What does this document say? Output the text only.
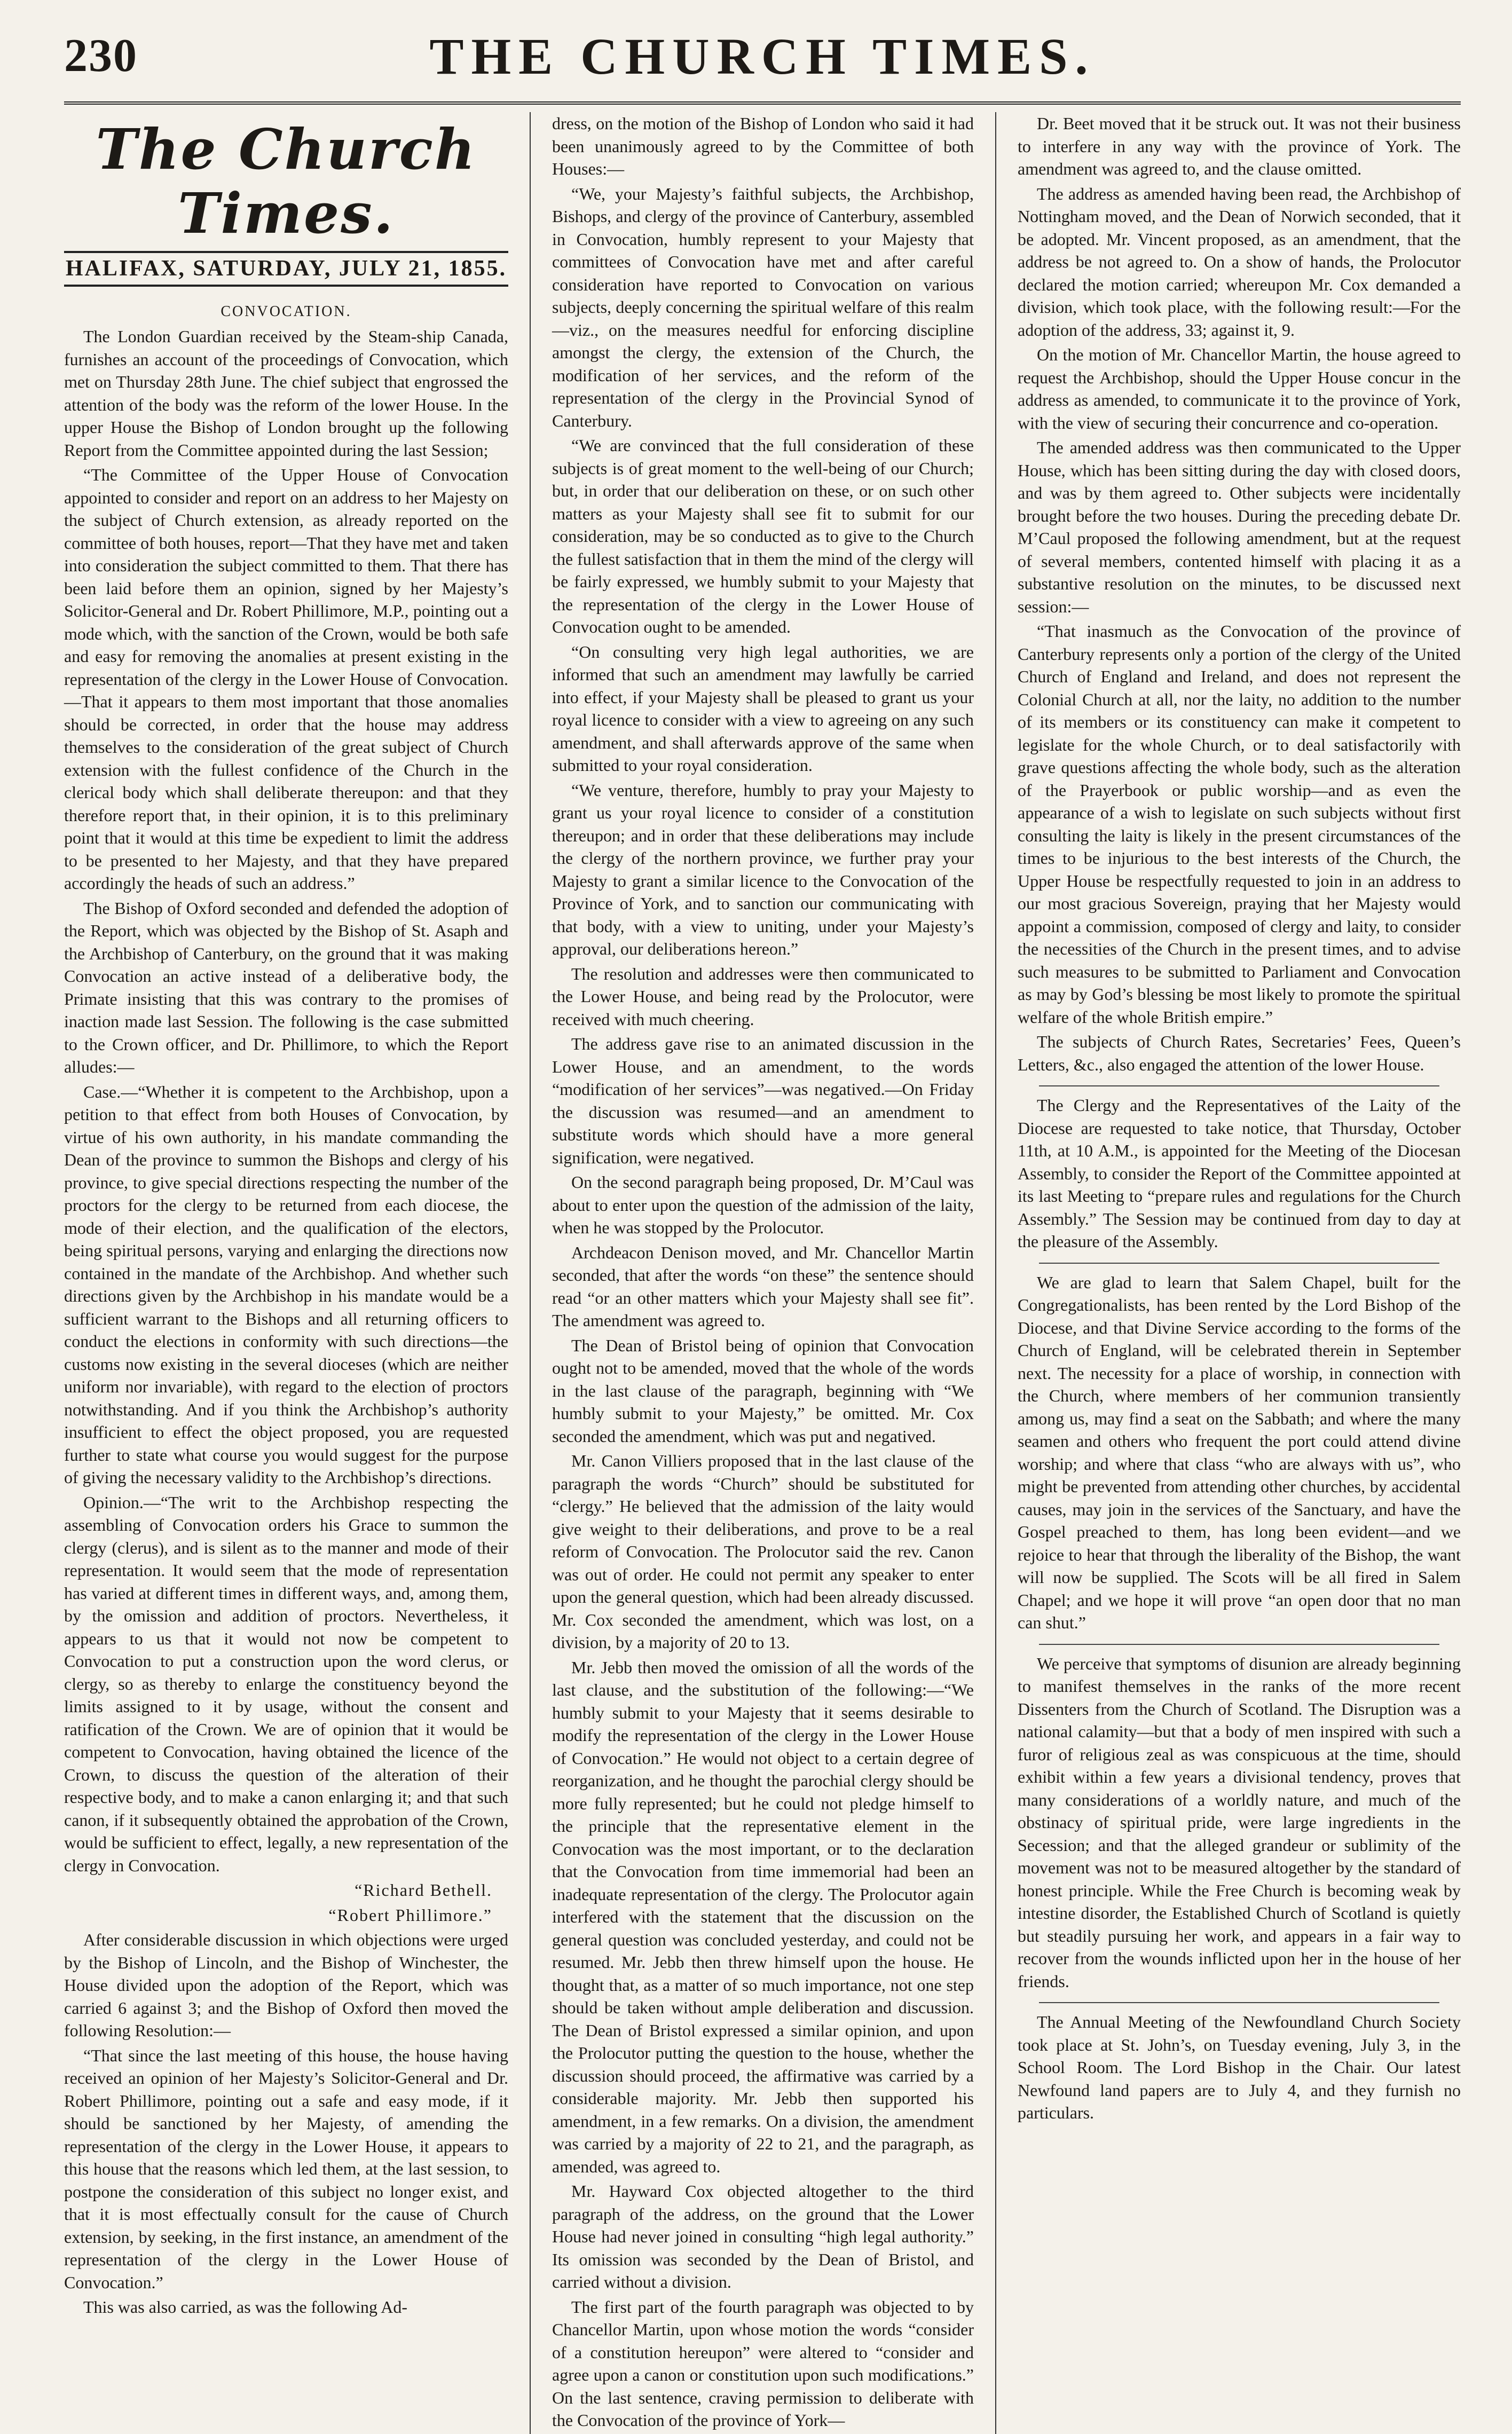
230	THE CHURCH TIMES.
The Church Times.
HALIFAX, SATURDAY, JULY 21, 1855.

CONVOCATION.

The London Guardian received by the Steam-ship Canada, furnishes an account of the proceedings of Convocation, which met on Thursday 28th June. The chief subject that engrossed the attention of the body was the reform of the lower House. In the upper House the Bishop of London brought up the following Report from the Committee appointed during the last Session;

“The Committee of the Upper House of Convocation appointed to consider and report on an address to her Majesty on the subject of Church extension, as already reported on the committee of both houses, report—That they have met and taken into consideration the subject committed to them. That there has been laid before them an opinion, signed by her Majesty’s Solicitor-General and Dr. Robert Phillimore, M.P., pointing out a mode which, with the sanction of the Crown, would be both safe and easy for removing the anomalies at present existing in the representation of the clergy in the Lower House of Convocation.—That it appears to them most important that those anomalies should be corrected, in order that the house may address themselves to the consideration of the great subject of Church extension with the fullest confidence of the Church in the clerical body which shall deliberate thereupon: and that they therefore report that, in their opinion, it is to this preliminary point that it would at this time be expedient to limit the address to be presented to her Majesty, and that they have prepared accordingly the heads of such an address.”

The Bishop of Oxford seconded and defended the adoption of the Report, which was objected by the Bishop of St. Asaph and the Archbishop of Canterbury, on the ground that it was making Convocation an active instead of a deliberative body, the Primate insisting that this was contrary to the promises of inaction made last Session. The following is the case submitted to the Crown officer, and Dr. Phillimore, to which the Report alludes:—

Case.—“Whether it is competent to the Archbishop, upon a petition to that effect from both Houses of Convocation, by virtue of his own authority, in his mandate commanding the Dean of the province to summon the Bishops and clergy of his province, to give special directions respecting the number of the proctors for the clergy to be returned from each diocese, the mode of their election, and the qualification of the electors, being spiritual persons, varying and enlarging the directions now contained in the mandate of the Archbishop. And whether such directions given by the Archbishop in his mandate would be a sufficient warrant to the Bishops and all returning officers to conduct the elections in conformity with such directions—the customs now existing in the several dioceses (which are neither uniform nor invariable), with regard to the election of proctors notwithstanding. And if you think the Archbishop’s authority insufficient to effect the object proposed, you are requested further to state what course you would suggest for the purpose of giving the necessary validity to the Archbishop’s directions.

Opinion.—“The writ to the Archbishop respecting the assembling of Convocation orders his Grace to summon the clergy (clerus), and is silent as to the manner and mode of their representation. It would seem that the mode of representation has varied at different times in different ways, and, among them, by the omission and addition of proctors. Nevertheless, it appears to us that it would not now be competent to Convocation to put a construction upon the word clerus, or clergy, so as thereby to enlarge the constituency beyond the limits assigned to it by usage, without the consent and ratification of the Crown. We are of opinion that it would be competent to Convocation, having obtained the licence of the Crown, to discuss the question of the alteration of their respective body, and to make a canon enlarging it; and that such canon, if it subsequently obtained the approbation of the Crown, would be sufficient to effect, legally, a new representation of the clergy in Convocation.

“Richard Bethell.

“Robert Phillimore.”

After considerable discussion in which objections were urged by the Bishop of Lincoln, and the Bishop of Winchester, the House divided upon the adoption of the Report, which was carried 6 against 3; and the Bishop of Oxford then moved the following Resolution:—

“That since the last meeting of this house, the house having received an opinion of her Majesty’s Solicitor-General and Dr. Robert Phillimore, pointing out a safe and easy mode, if it should be sanctioned by her Majesty, of amending the representation of the clergy in the Lower House, it appears to this house that the reasons which led them, at the last session, to postpone the consideration of this subject no longer exist, and that it is most effectually consult for the cause of Church extension, by seeking, in the first instance, an amendment of the representation of the clergy in the Lower House of Convocation.”

This was also carried, as was the following Ad-

dress, on the motion of the Bishop of London who said it had been unanimously agreed to by the Committee of both Houses:—

“We, your Majesty’s faithful subjects, the Archbishop, Bishops, and clergy of the province of Canterbury, assembled in Convocation, humbly represent to your Majesty that committees of Convocation have met and after careful consideration have reported to Convocation on various subjects, deeply concerning the spiritual welfare of this realm—viz., on the measures needful for enforcing discipline amongst the clergy, the extension of the Church, the modification of her services, and the reform of the representation of the clergy in the Provincial Synod of Canterbury.

“We are convinced that the full consideration of these subjects is of great moment to the well-being of our Church; but, in order that our deliberation on these, or on such other matters as your Majesty shall see fit to submit for our consideration, may be so conducted as to give to the Church the fullest satisfaction that in them the mind of the clergy will be fairly expressed, we humbly submit to your Majesty that the representation of the clergy in the Lower House of Convocation ought to be amended.

“On consulting very high legal authorities, we are informed that such an amendment may lawfully be carried into effect, if your Majesty shall be pleased to grant us your royal licence to consider with a view to agreeing on any such amendment, and shall afterwards approve of the same when submitted to your royal consideration.

“We venture, therefore, humbly to pray your Majesty to grant us your royal licence to consider of a constitution thereupon; and in order that these deliberations may include the clergy of the northern province, we further pray your Majesty to grant a similar licence to the Convocation of the Province of York, and to sanction our communicating with that body, with a view to uniting, under your Majesty’s approval, our deliberations hereon.”

The resolution and addresses were then communicated to the Lower House, and being read by the Prolocutor, were received with much cheering.

The address gave rise to an animated discussion in the Lower House, and an amendment, to the words “modification of her services”—was negatived.—On Friday the discussion was resumed—and an amendment to substitute words which should have a more general signification, were negatived.

On the second paragraph being proposed, Dr. M’Caul was about to enter upon the question of the admission of the laity, when he was stopped by the Prolocutor.

Archdeacon Denison moved, and Mr. Chancellor Martin seconded, that after the words “on these” the sentence should read “or an other matters which your Majesty shall see fit”. The amendment was agreed to.

The Dean of Bristol being of opinion that Convocation ought not to be amended, moved that the whole of the words in the last clause of the paragraph, beginning with “We humbly submit to your Majesty,” be omitted. Mr. Cox seconded the amendment, which was put and negatived.

Mr. Canon Villiers proposed that in the last clause of the paragraph the words “Church” should be substituted for “clergy.” He believed that the admission of the laity would give weight to their deliberations, and prove to be a real reform of Convocation. The Prolocutor said the rev. Canon was out of order. He could not permit any speaker to enter upon the general question, which had been already discussed. Mr. Cox seconded the amendment, which was lost, on a division, by a majority of 20 to 13.

Mr. Jebb then moved the omission of all the words of the last clause, and the substitution of the following:—“We humbly submit to your Majesty that it seems desirable to modify the representation of the clergy in the Lower House of Convocation.” He would not object to a certain degree of reorganization, and he thought the parochial clergy should be more fully represented; but he could not pledge himself to the principle that the representative element in the Convocation was the most important, or to the declaration that the Convocation from time immemorial had been an inadequate representation of the clergy. The Prolocutor again interfered with the statement that the discussion on the general question was concluded yesterday, and could not be resumed. Mr. Jebb then threw himself upon the house. He thought that, as a matter of so much importance, not one step should be taken without ample deliberation and discussion. The Dean of Bristol expressed a similar opinion, and upon the Prolocutor putting the question to the house, whether the discussion should proceed, the affirmative was carried by a considerable majority. Mr. Jebb then supported his amendment, in a few remarks. On a division, the amendment was carried by a majority of 22 to 21, and the paragraph, as amended, was agreed to.

Mr. Hayward Cox objected altogether to the third paragraph of the address, on the ground that the Lower House had never joined in consulting “high legal authority.” Its omission was seconded by the Dean of Bristol, and carried without a division.

The first part of the fourth paragraph was objected to by Chancellor Martin, upon whose motion the words “consider of a constitution hereupon” were altered to “consider and agree upon a canon or constitution upon such modifications.” On the last sentence, craving permission to deliberate with the Convocation of the province of York—

Dr. Beet moved that it be struck out. It was not their business to interfere in any way with the province of York. The amendment was agreed to, and the clause omitted.

The address as amended having been read, the Archbishop of Nottingham moved, and the Dean of Norwich seconded, that it be adopted. Mr. Vincent proposed, as an amendment, that the address be not agreed to. On a show of hands, the Prolocutor declared the motion carried; whereupon Mr. Cox demanded a division, which took place, with the following result:—For the adoption of the address, 33; against it, 9.

On the motion of Mr. Chancellor Martin, the house agreed to request the Archbishop, should the Upper House concur in the address as amended, to communicate it to the province of York, with the view of securing their concurrence and co-operation.

The amended address was then communicated to the Upper House, which has been sitting during the day with closed doors, and was by them agreed to. Other subjects were incidentally brought before the two houses. During the preceding debate Dr. M’Caul proposed the following amendment, but at the request of several members, contented himself with placing it as a substantive resolution on the minutes, to be discussed next session:—

“That inasmuch as the Convocation of the province of Canterbury represents only a portion of the clergy of the United Church of England and Ireland, and does not represent the Colonial Church at all, nor the laity, no addition to the number of its members or its constituency can make it competent to legislate for the whole Church, or to deal satisfactorily with grave questions affecting the whole body, such as the alteration of the Prayerbook or public worship—and as even the appearance of a wish to legislate on such subjects without first consulting the laity is likely in the present circumstances of the times to be injurious to the best interests of the Church, the Upper House be respectfully requested to join in an address to our most gracious Sovereign, praying that her Majesty would appoint a commission, composed of clergy and laity, to consider the necessities of the Church in the present times, and to advise such measures to be submitted to Parliament and Convocation as may by God’s blessing be most likely to promote the spiritual welfare of the whole British empire.”

The subjects of Church Rates, Secretaries’ Fees, Queen’s Letters, &c., also engaged the attention of the lower House.

The Clergy and the Representatives of the Laity of the Diocese are requested to take notice, that Thursday, October 11th, at 10 A.M., is appointed for the Meeting of the Diocesan Assembly, to consider the Report of the Committee appointed at its last Meeting to “prepare rules and regulations for the Church Assembly.” The Session may be continued from day to day at the pleasure of the Assembly.

We are glad to learn that Salem Chapel, built for the Congregationalists, has been rented by the Lord Bishop of the Diocese, and that Divine Service according to the forms of the Church of England, will be celebrated therein in September next. The necessity for a place of worship, in connection with the Church, where members of her communion transiently among us, may find a seat on the Sabbath; and where the many seamen and others who frequent the port could attend divine worship; and where that class “who are always with us”, who might be prevented from attending other churches, by accidental causes, may join in the services of the Sanctuary, and have the Gospel preached to them, has long been evident—and we rejoice to hear that through the liberality of the Bishop, the want will now be supplied. The Scots will be all fired in Salem Chapel; and we hope it will prove “an open door that no man can shut.”

We perceive that symptoms of disunion are already beginning to manifest themselves in the ranks of the more recent Dissenters from the Church of Scotland. The Disruption was a national calamity—but that a body of men inspired with such a furor of religious zeal as was conspicuous at the time, should exhibit within a few years a divisional tendency, proves that many considerations of a worldly nature, and much of the obstinacy of spiritual pride, were large ingredients in the Secession; and that the alleged grandeur or sublimity of the movement was not to be measured altogether by the standard of honest principle. While the Free Church is becoming weak by intestine disorder, the Established Church of Scotland is quietly but steadily pursuing her work, and appears in a fair way to recover from the wounds inflicted upon her in the house of her friends.

The Annual Meeting of the Newfoundland Church Society took place at St. John’s, on Tuesday evening, July 3, in the School Room. The Lord Bishop in the Chair. Our latest Newfound land papers are to July 4, and they furnish no particulars.
